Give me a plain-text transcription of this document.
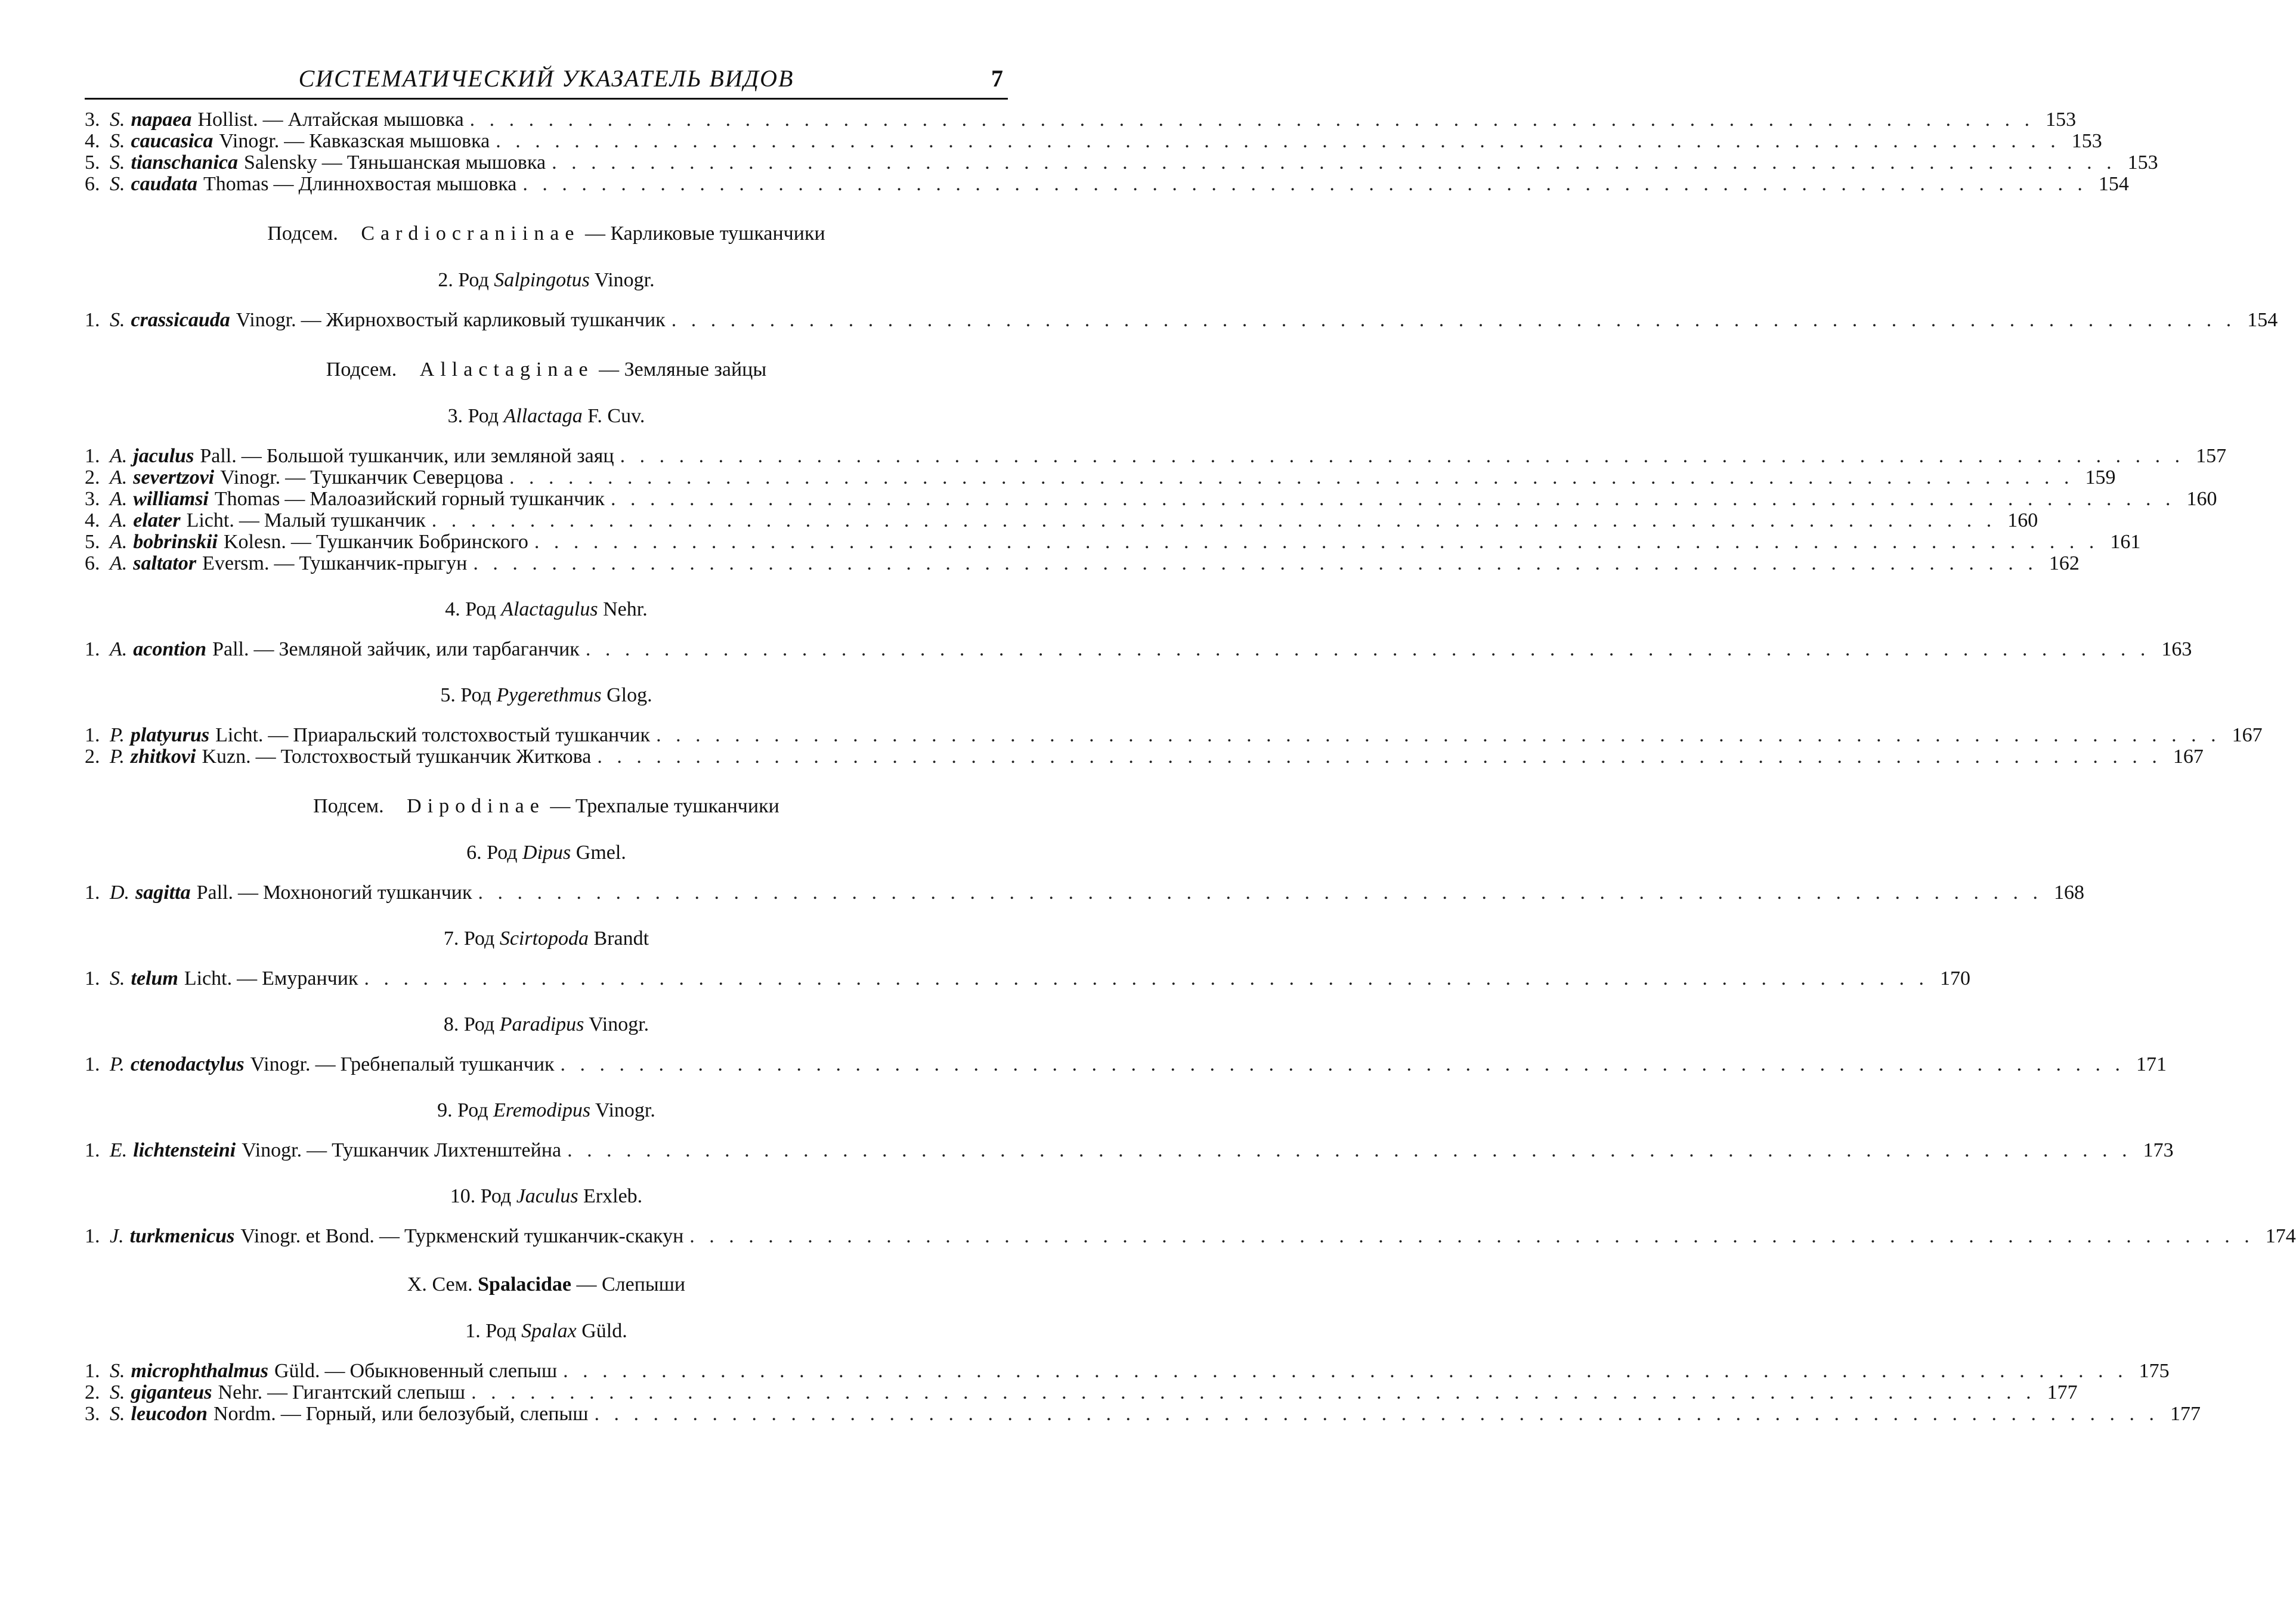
СИСТЕМАТИЧЕСКИЙ УКАЗАТЕЛЬ ВИДОВ	7
3. S. napaea Hollist. — Алтайская мышовка . . . . . . . . . . . . . . . . . . . . . . . . . . . . . . . . . . . . . . . . . . . . . . . . . . . . . . . . . . . . . . . . . . . . . . . . . . . . . . . . 153
4. S. caucasica Vinogr. — Кавказская мышовка . . . . . . . . . . . . . . . . . . . . . . . . . . . . . . . . . . . . . . . . . . . . . . . . . . . . . . . . . . . . . . . . . . . . . . . . . . . . . . . . 153
5. S. tianschanica Salensky — Тяньшанская мышовка . . . . . . . . . . . . . . . . . . . . . . . . . . . . . . . . . . . . . . . . . . . . . . . . . . . . . . . . . . . . . . . . . . . . . . . . . . . . . . . . 153
6. S. caudata Thomas — Длиннохвостая мышовка . . . . . . . . . . . . . . . . . . . . . . . . . . . . . . . . . . . . . . . . . . . . . . . . . . . . . . . . . . . . . . . . . . . . . . . . . . . . . . . . 154
Подсем. Cardiocraniinae — Карликовые тушканчики
2. Род Salpingotus Vinogr.
1. S. crassicauda Vinogr. — Жирнохвостый карликовый тушканчик . . . . . . . . . . . . . . . . . . . . . . . . . . . . . . . . . . . . . . . . . . . . . . . . . . . . . . . . . . . . . . . . . . . . . . . . . . . . . . . . 154
Подсем. Allactaginae — Земляные зайцы
3. Род Allactaga F. Cuv.
1. A. jaculus Pall. — Большой тушканчик, или земляной заяц . . . . . . . . . . . . . . . . . . . . . . . . . . . . . . . . . . . . . . . . . . . . . . . . . . . . . . . . . . . . . . . . . . . . . . . . . . . . . . . . 157
2. A. severtzovi Vinogr. — Тушканчик Северцова . . . . . . . . . . . . . . . . . . . . . . . . . . . . . . . . . . . . . . . . . . . . . . . . . . . . . . . . . . . . . . . . . . . . . . . . . . . . . . . . 159
3. A. williamsi Thomas — Малоазийский горный тушканчик . . . . . . . . . . . . . . . . . . . . . . . . . . . . . . . . . . . . . . . . . . . . . . . . . . . . . . . . . . . . . . . . . . . . . . . . . . . . . . . . 160
4. A. elater Licht. — Малый тушканчик . . . . . . . . . . . . . . . . . . . . . . . . . . . . . . . . . . . . . . . . . . . . . . . . . . . . . . . . . . . . . . . . . . . . . . . . . . . . . . . . 160
5. A. bobrinskii Kolesn. — Тушканчик Бобринского . . . . . . . . . . . . . . . . . . . . . . . . . . . . . . . . . . . . . . . . . . . . . . . . . . . . . . . . . . . . . . . . . . . . . . . . . . . . . . . . 161
6. A. saltator Eversm. — Тушканчик-прыгун . . . . . . . . . . . . . . . . . . . . . . . . . . . . . . . . . . . . . . . . . . . . . . . . . . . . . . . . . . . . . . . . . . . . . . . . . . . . . . . . 162
4. Род Alactagulus Nehr.
1. A. acontion Pall. — Земляной зайчик, или тарбаганчик . . . . . . . . . . . . . . . . . . . . . . . . . . . . . . . . . . . . . . . . . . . . . . . . . . . . . . . . . . . . . . . . . . . . . . . . . . . . . . . . 163
5. Род Pygerethmus Glog.
1. P. platyurus Licht. — Приаральский толстохвостый тушканчик . . . . . . . . . . . . . . . . . . . . . . . . . . . . . . . . . . . . . . . . . . . . . . . . . . . . . . . . . . . . . . . . . . . . . . . . . . . . . . . . 167
2. P. zhitkovi Kuzn. — Толстохвостый тушканчик Житкова . . . . . . . . . . . . . . . . . . . . . . . . . . . . . . . . . . . . . . . . . . . . . . . . . . . . . . . . . . . . . . . . . . . . . . . . . . . . . . . . 167
Подсем. Dipodinae — Трехпалые тушканчики
6. Род Dipus Gmel.
1. D. sagitta Pall. — Мохноногий тушканчик . . . . . . . . . . . . . . . . . . . . . . . . . . . . . . . . . . . . . . . . . . . . . . . . . . . . . . . . . . . . . . . . . . . . . . . . . . . . . . . . 168
7. Род Scirtopoda Brandt
1. S. telum Licht. — Емуранчик . . . . . . . . . . . . . . . . . . . . . . . . . . . . . . . . . . . . . . . . . . . . . . . . . . . . . . . . . . . . . . . . . . . . . . . . . . . . . . . . 170
8. Род Paradipus Vinogr.
1. P. ctenodactylus Vinogr. — Гребнепалый тушканчик . . . . . . . . . . . . . . . . . . . . . . . . . . . . . . . . . . . . . . . . . . . . . . . . . . . . . . . . . . . . . . . . . . . . . . . . . . . . . . . . 171
9. Род Eremodipus Vinogr.
1. E. lichtensteini Vinogr. — Тушканчик Лихтенштейна . . . . . . . . . . . . . . . . . . . . . . . . . . . . . . . . . . . . . . . . . . . . . . . . . . . . . . . . . . . . . . . . . . . . . . . . . . . . . . . . 173
10. Род Jaculus Erxleb.
1. J. turkmenicus Vinogr. et Bond. — Туркменский тушканчик-скакун . . . . . . . . . . . . . . . . . . . . . . . . . . . . . . . . . . . . . . . . . . . . . . . . . . . . . . . . . . . . . . . . . . . . . . . . . . . . . . . . 174
X. Сем. Spalacidae — Слепыши
1. Род Spalax Güld.
1. S. microphthalmus Güld. — Обыкновенный слепыш . . . . . . . . . . . . . . . . . . . . . . . . . . . . . . . . . . . . . . . . . . . . . . . . . . . . . . . . . . . . . . . . . . . . . . . . . . . . . . . . 175
2. S. giganteus Nehr. — Гигантский слепыш . . . . . . . . . . . . . . . . . . . . . . . . . . . . . . . . . . . . . . . . . . . . . . . . . . . . . . . . . . . . . . . . . . . . . . . . . . . . . . . . 177
3. S. leucodon Nordm. — Горный, или белозубый, слепыш . . . . . . . . . . . . . . . . . . . . . . . . . . . . . . . . . . . . . . . . . . . . . . . . . . . . . . . . . . . . . . . . . . . . . . . . . . . . . . . . 177
